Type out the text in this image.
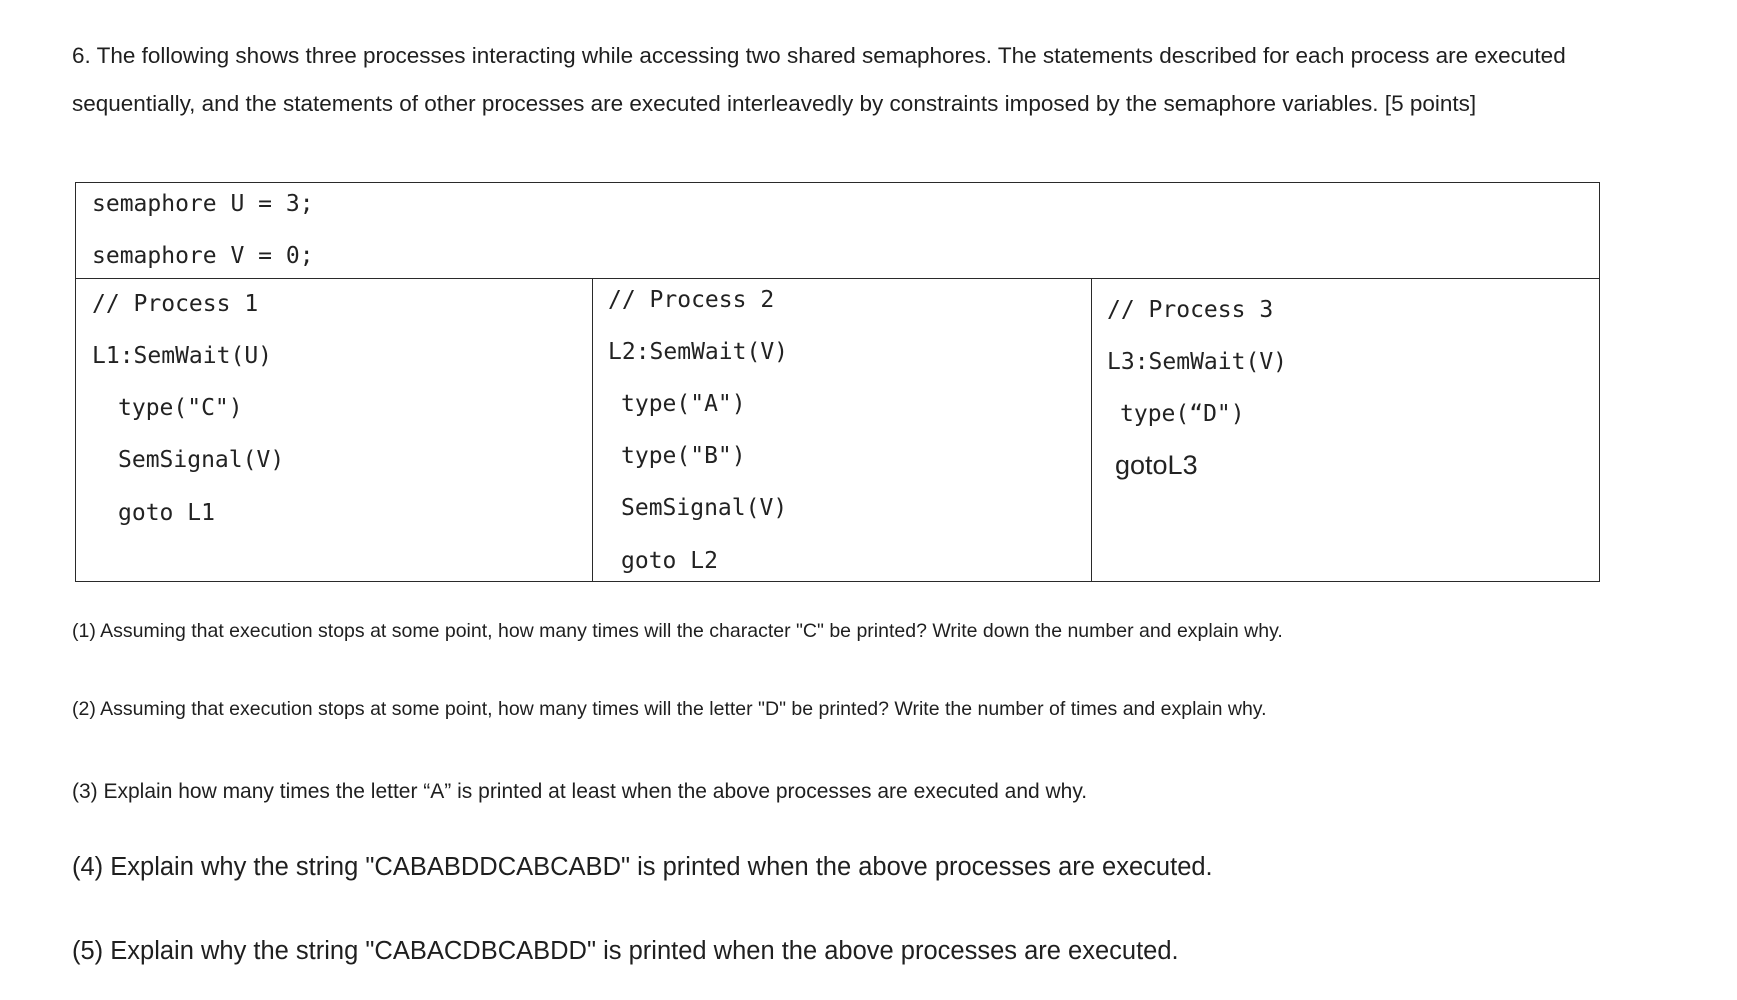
6. The following shows three processes interacting while accessing two shared semaphores. The statements described for each process are executed
sequentially, and the statements of other processes are executed interleavedly by constraints imposed by the semaphore variables. [5 points]

semaphore U = 3;
semaphore V = 0;
// Process 1
L1:SemWait(U)
type("C")
SemSignal(V)
goto L1
// Process 2
L2:SemWait(V)
type("A")
type("B")
SemSignal(V)
goto L2
// Process 3
L3:SemWait(V)
type(“D")
gotoL3

(1) Assuming that execution stops at some point, how many times will the character "C" be printed? Write down the number and explain why.

(2) Assuming that execution stops at some point, how many times will the letter "D" be printed? Write the number of times and explain why.

(3) Explain how many times the letter “A” is printed at least when the above processes are executed and why.

(4) Explain why the string "CABABDDCABCABD" is printed when the above processes are executed.

(5) Explain why the string "CABACDBCABDD" is printed when the above processes are executed.
